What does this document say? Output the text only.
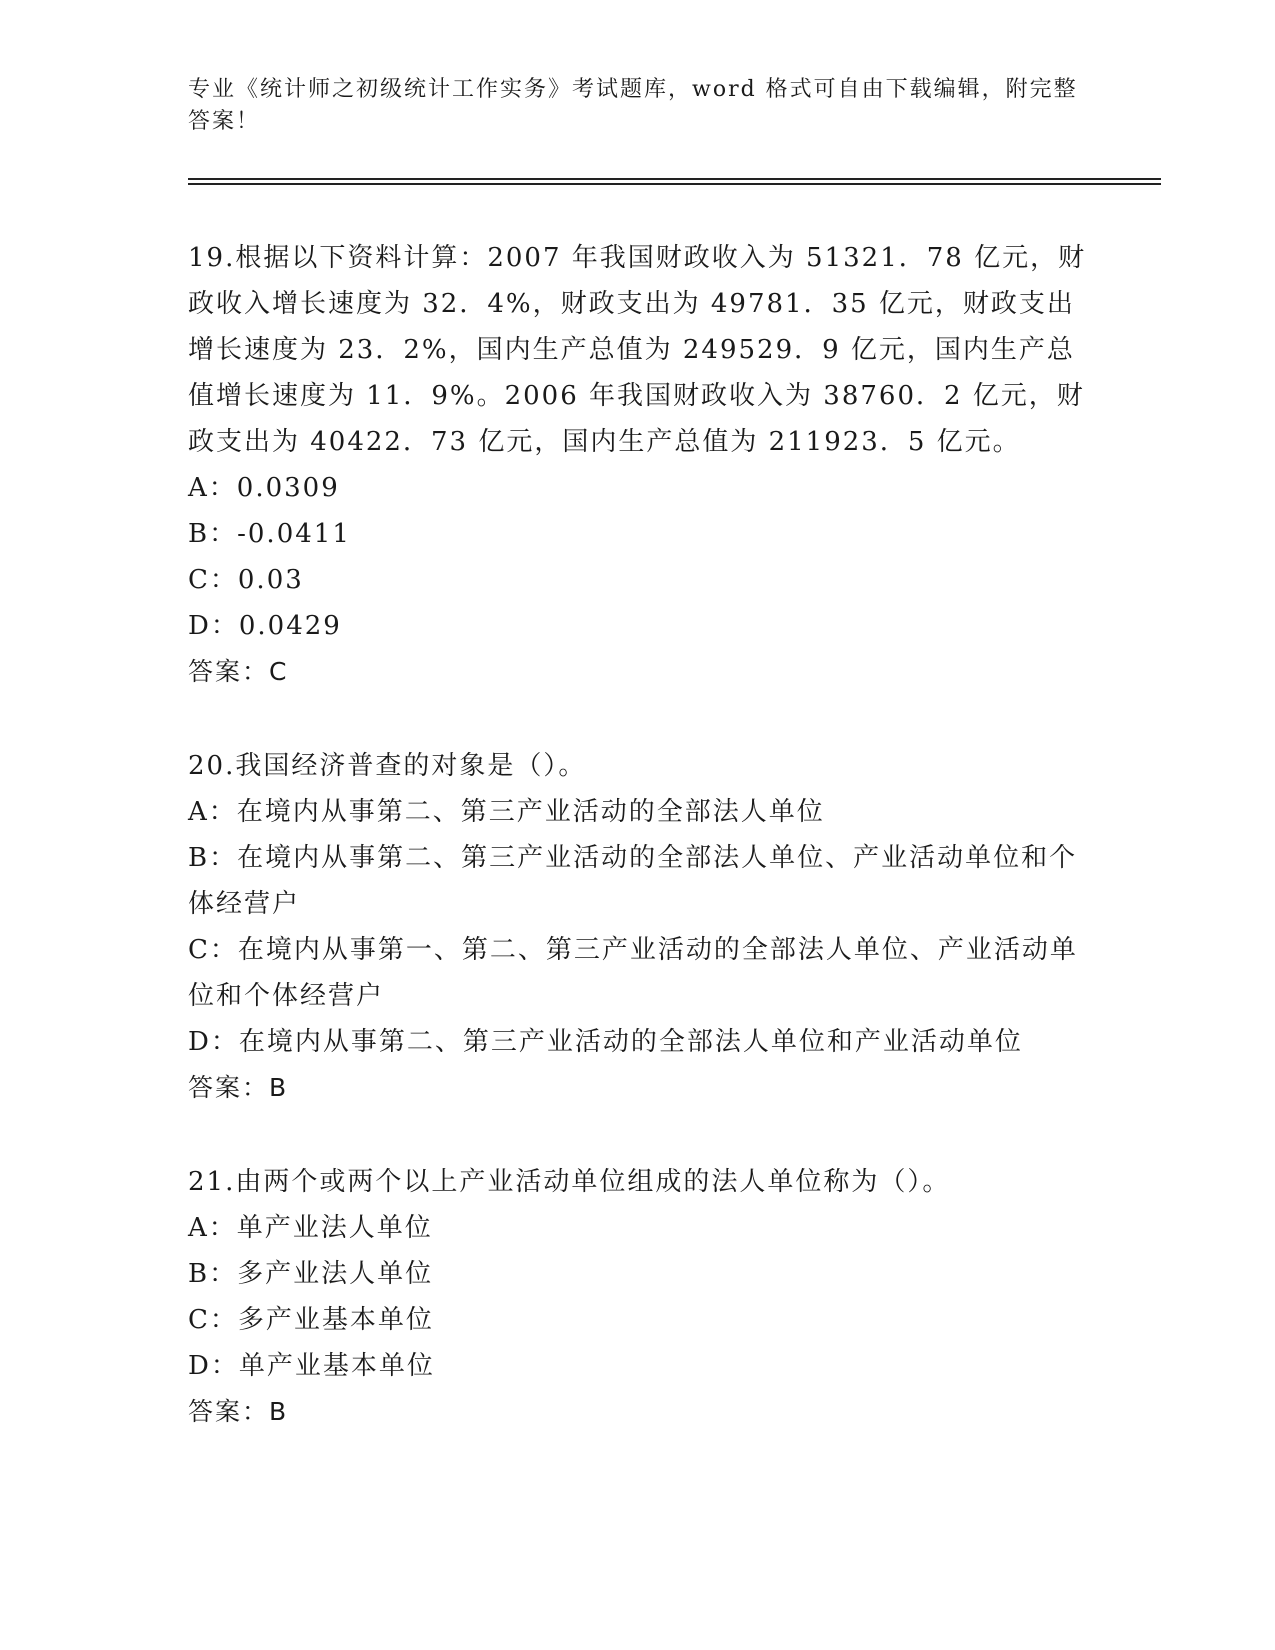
专业《统计师之初级统计工作实务》考试题库，word 格式可自由下载编辑，附完整答案！

19.根据以下资料计算：2007 年我国财政收入为 51321．78 亿元，财政收入增长速度为 32．4%，财政支出为 49781．35 亿元，财政支出增长速度为 23．2%，国内生产总值为 249529．9 亿元，国内生产总值增长速度为 11．9%。2006 年我国财政收入为 38760．2 亿元，财政支出为 40422．73 亿元，国内生产总值为 211923．5 亿元。

A：0.0309

B：-0.0411

C：0.03

D：0.0429

答案：C

20.我国经济普查的对象是（）。

A：在境内从事第二、第三产业活动的全部法人单位

B：在境内从事第二、第三产业活动的全部法人单位、产业活动单位和个体经营户

C：在境内从事第一、第二、第三产业活动的全部法人单位、产业活动单位和个体经营户

D：在境内从事第二、第三产业活动的全部法人单位和产业活动单位

答案：B

21.由两个或两个以上产业活动单位组成的法人单位称为（）。

A：单产业法人单位

B：多产业法人单位

C：多产业基本单位

D：单产业基本单位

答案：B
